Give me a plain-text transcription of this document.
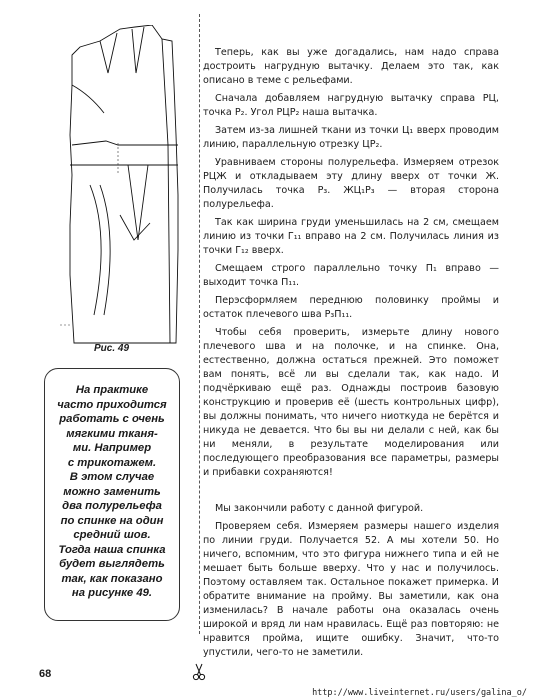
Рис. 49
На практике
часто приходится
работать с очень
мягкими тканя-
ми. Например
с трикотажем.
В этом случае
можно заменить
два полурельефа
по спинке на один
средний шов.
Тогда наша спинка
будет выглядеть
так, как показано
на рисунке 49.

Теперь, как вы уже догадались, нам надо справа достроить нагрудную вытачку. Делаем это так, как описано в теме с рельефами.

Сначала добавляем нагрудную вытачку справа РЦ, точка Р₂. Угол РЦР₂ наша вытачка.

Затем из-за лишней ткани из точки Ц₁ вверх проводим линию, параллельную отрезку ЦР₂.

Уравниваем стороны полурельефа. Измеряем отрезок РЦЖ и откладываем эту длину вверх от точки Ж. Получилась точка Р₃. ЖЦ₁Р₃ — вторая сторона полурельефа.

Так как ширина груди уменьшилась на 2 см, смещаем линию из точки Г₁₁ вправо на 2 см. Получилась линия из точки Г₁₂ вверх.

Смещаем строго параллельно точку П₁ вправо — выходит точка П₁₁.

Перэсформляем переднюю половинку проймы и остаток плечевого шва Р₃П₁₁.

Чтобы себя проверить, измерьте длину нового плечевого шва и на полочке, и на спинке. Она, естественно, должна остаться прежней. Это поможет вам понять, всё ли вы сделали так, как надо. И подчёркиваю ещё раз. Однажды построив базовую конструкцию и проверив её (шесть контрольных цифр), вы должны понимать, что ничего ниоткуда не берётся и никуда не девается. Что бы вы ни делали с ней, как бы ни меняли, в результате моделирования или последующего преобразования все параметры, размеры и прибавки сохраняются!

Мы закончили работу с данной фигурой.

Проверяем себя. Измеряем размеры нашего изделия по линии груди. Получается 52. А мы хотели 50. Но ничего, вспомним, что это фигура нижнего типа и ей не мешает быть больше вверху. Что у нас и получилось. Поэтому оставляем так. Остальное покажет примерка. И обратите внимание на пройму. Вы заметили, как она изменилась? В начале работы она оказалась очень широкой и вряд ли нам нравилась. Ещё раз повторяю: не нравится пройма, ищите ошибку. Значит, что-то упустили, чего-то не заметили.

68
http://www.liveinternet.ru/users/galina_o/
